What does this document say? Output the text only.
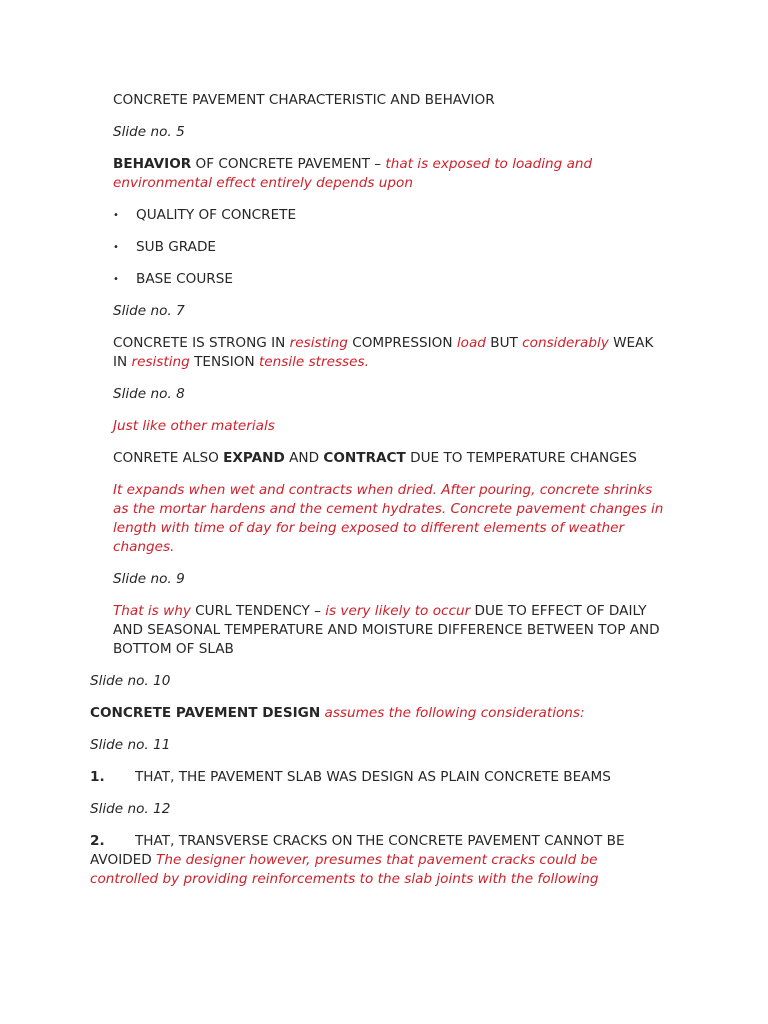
CONCRETE PAVEMENT CHARACTERISTIC AND BEHAVIOR

Slide no. 5

BEHAVIOR OF CONCRETE PAVEMENT – that is exposed to loading and

environmental effect entirely depends upon

• QUALITY OF CONCRETE
• SUB GRADE
• BASE COURSE

Slide no. 7

CONCRETE IS STRONG IN resisting COMPRESSION load BUT considerably WEAK

IN resisting TENSION tensile stresses.

Slide no. 8

Just like other materials

CONRETE ALSO EXPAND AND CONTRACT DUE TO TEMPERATURE CHANGES

It expands when wet and contracts when dried. After pouring, concrete shrinks

as the mortar hardens and the cement hydrates. Concrete pavement changes in

length with time of day for being exposed to different elements of weather

changes.

Slide no. 9

That is why CURL TENDENCY – is very likely to occur DUE TO EFFECT OF DAILY

AND SEASONAL TEMPERATURE AND MOISTURE DIFFERENCE BETWEEN TOP AND

BOTTOM OF SLAB

Slide no. 10

CONCRETE PAVEMENT DESIGN assumes the following considerations:

Slide no. 11

1. THAT, THE PAVEMENT SLAB WAS DESIGN AS PLAIN CONCRETE BEAMS

Slide no. 12

2. THAT, TRANSVERSE CRACKS ON THE CONCRETE PAVEMENT CANNOT BE

AVOIDED The designer however, presumes that pavement cracks could be

controlled by providing reinforcements to the slab joints with the following
